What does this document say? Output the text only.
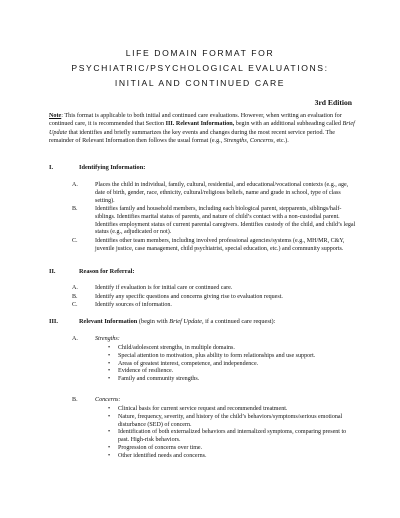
LIFE DOMAIN FORMAT FOR
PSYCHIATRIC/PSYCHOLOGICAL EVALUATIONS:
INITIAL AND CONTINUED CARE
3rd Edition
Note: This format is applicable to both initial and continued care evaluations. However, when writing an evaluation for continued care, it is recommended that Section III. Relevant Information, begin with an additional subheading called Brief Update that identifies and briefly summarizes the key events and changes during the most recent service period. The remainder of Relevant Information then follows the usual format (e.g., Strengths, Concerns, etc.).
I.	Identifying Information:
A.	Places the child in individual, family, cultural, residential, and educational/vocational contexts (e.g., age, date of birth, gender, race, ethnicity, cultural/religious beliefs, name and grade in school, type of class setting).
B.	Identifies family and household members, including each biological parent, stepparents, siblings/half-siblings. Identifies marital status of parents, and nature of child’s contact with a non-custodial parent. Identifies employment status of current parental caregivers. Identifies custody of the child, and child’s legal status (e.g., adjudicated or not).
C.	Identifies other team members, including involved professional agencies/systems (e.g., MH/MR, C&Y, juvenile justice, case management, child psychiatrist, special education, etc.) and community supports.
II.	Reason for Referral:
A.	Identify if evaluation is for initial care or continued care.
B.	Identify any specific questions and concerns giving rise to evaluation request.
C.	Identify sources of information.
III.	Relevant Information (begin with Brief Update, if a continued care request):
A.	Strengths:
• Child/adolescent strengths, in multiple domains.
• Special attention to motivation, plus ability to form relationships and use support.
• Areas of greatest interest, competence, and independence.
• Evidence of resilience.
• Family and community strengths.
B.	Concerns:
• Clinical basis for current service request and recommended treatment.
• Nature, frequency, severity, and history of the child’s behaviors/symptoms/serious emotional disturbance (SED) of concern.
• Identification of both externalized behaviors and internalized symptoms, comparing present to past. High-risk behaviors.
• Progression of concerns over time.
• Other identified needs and concerns.
